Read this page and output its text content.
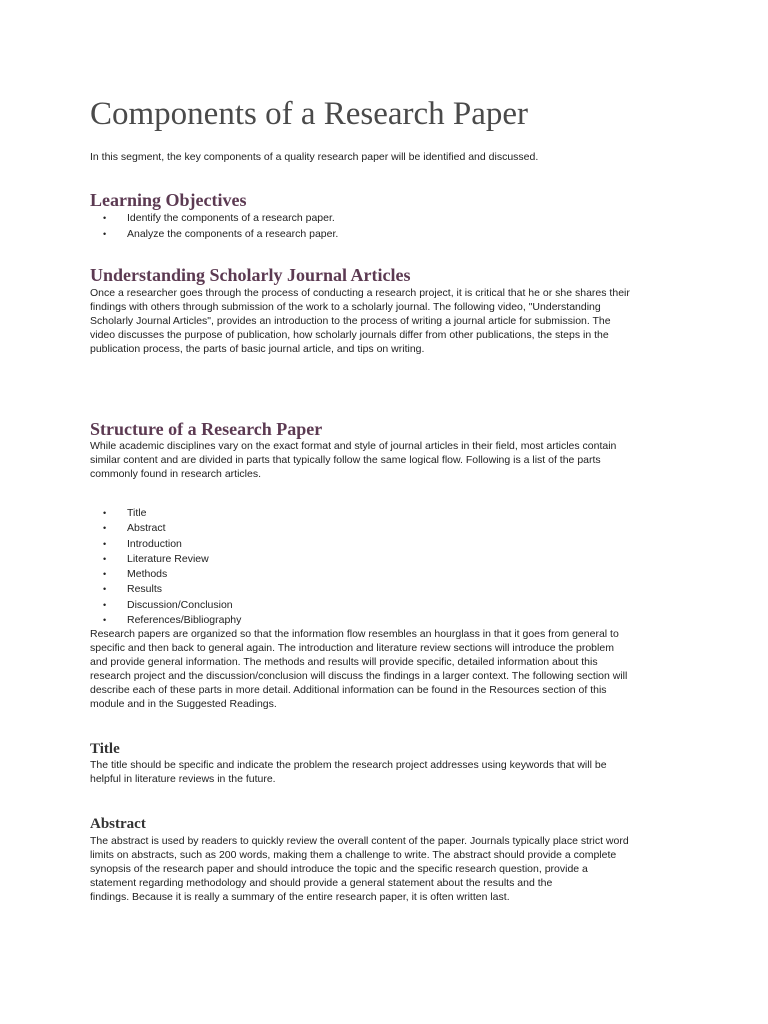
Components of a Research Paper

In this segment, the key components of a quality research paper will be identified and discussed.

Learning Objectives
• Identify the components of a research paper.
• Analyze the components of a research paper.
Understanding Scholarly Journal Articles

Once a researcher goes through the process of conducting a research project, it is critical that he or she shares their
findings with others through submission of the work to a scholarly journal. The following video, "Understanding
Scholarly Journal Articles", provides an introduction to the process of writing a journal article for submission. The
video discusses the purpose of publication, how scholarly journals differ from other publications, the steps in the
publication process, the parts of basic journal article, and tips on writing.

Structure of a Research Paper

While academic disciplines vary on the exact format and style of journal articles in their field, most articles contain
similar content and are divided in parts that typically follow the same logical flow. Following is a list of the parts
commonly found in research articles.

• Title
• Abstract
• Introduction
• Literature Review
• Methods
• Results
• Discussion/Conclusion
• References/Bibliography

Research papers are organized so that the information flow resembles an hourglass in that it goes from general to
specific and then back to general again. The introduction and literature review sections will introduce the problem
and provide general information. The methods and results will provide specific, detailed information about this
research project and the discussion/conclusion will discuss the findings in a larger context. The following section will
describe each of these parts in more detail. Additional information can be found in the Resources section of this
module and in the Suggested Readings.

Title

The title should be specific and indicate the problem the research project addresses using keywords that will be
helpful in literature reviews in the future.

Abstract

The abstract is used by readers to quickly review the overall content of the paper. Journals typically place strict word
limits on abstracts, such as 200 words, making them a challenge to write. The abstract should provide a complete
synopsis of the research paper and should introduce the topic and the specific research question, provide a
statement regarding methodology and should provide a general statement about the results and the
findings. Because it is really a summary of the entire research paper, it is often written last.
